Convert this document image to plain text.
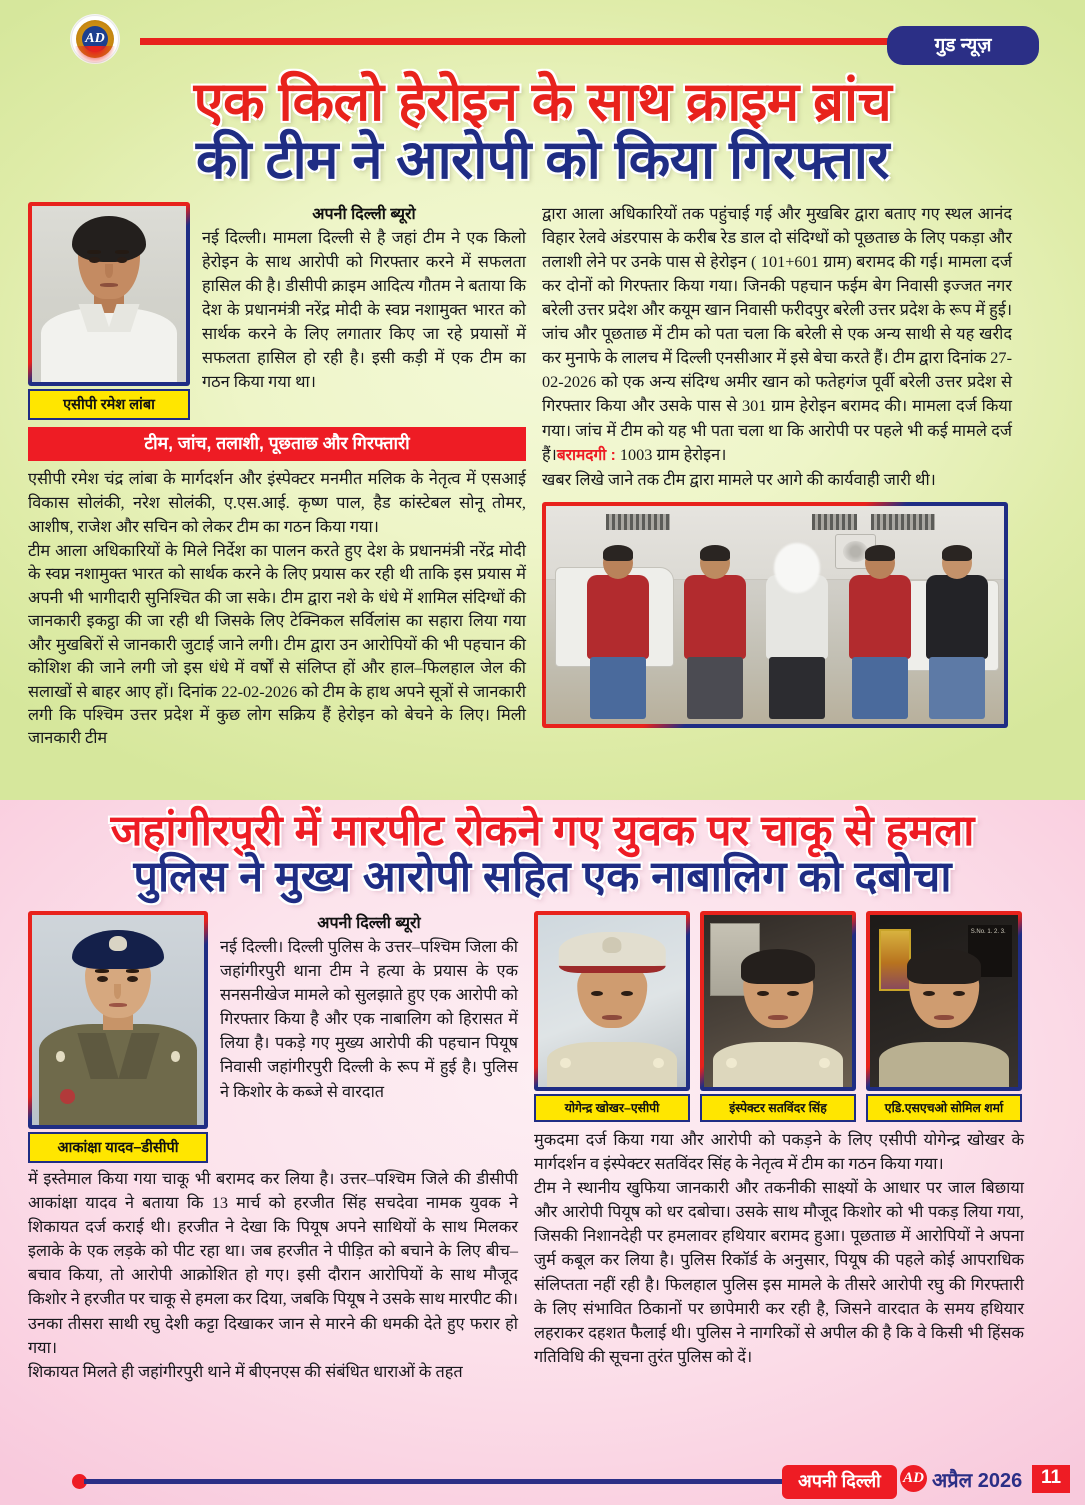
AD	गुड न्यूज़
एक किलो हेरोइन के साथ क्राइम ब्रांच
की टीम ने आरोपी को किया गिरफ्तार
एसीपी रमेश लांबा
अपनी दिल्ली ब्यूरो
नई दिल्ली। मामला दिल्ली से है जहां टीम ने एक किलो हेरोइन के साथ आरोपी को गिरफ्तार करने में सफलता हासिल की है। डीसीपी क्राइम आदित्य गौतम ने बताया कि देश के प्रधानमंत्री नरेंद्र मोदी के स्वप्न नशामुक्त भारत को सार्थक करने के लिए लगातार किए जा रहे प्रयासों में सफलता हासिल हो रही है। इसी कड़ी में एक टीम का गठन किया गया था।
टीम, जांच, तलाशी, पूछताछ और गिरफ्तारी
एसीपी रमेश चंद्र लांबा के मार्गदर्शन और इंस्पेक्टर मनमीत मलिक के नेतृत्व में एसआई विकास सोलंकी, नरेश सोलंकी, ए.एस.आई. कृष्ण पाल, हैड कांस्टेबल सोनू तोमर, आशीष, राजेश और सचिन को लेकर टीम का गठन किया गया।
टीम आला अधिकारियों के मिले निर्देश का पालन करते हुए देश के प्रधानमंत्री नरेंद्र मोदी के स्वप्न नशामुक्त भारत को सार्थक करने के लिए प्रयास कर रही थी ताकि इस प्रयास में अपनी भी भागीदारी सुनिश्चित की जा सके। टीम द्वारा नशे के धंधे में शामिल संदिग्धों की जानकारी इकट्ठा की जा रही थी जिसके लिए टेक्निकल सर्विलांस का सहारा लिया गया और मुखबिरों से जानकारी जुटाई जाने लगी। टीम द्वारा उन आरोपियों की भी पहचान की कोशिश की जाने लगी जो इस धंधे में वर्षों से संलिप्त हों और हाल–फिलहाल जेल की सलाखों से बाहर आए हों। दिनांक 22-02-2026 को टीम के हाथ अपने सूत्रों से जानकारी लगी कि पश्चिम उत्तर प्रदेश में कुछ लोग सक्रिय हैं हेरोइन को बेचने के लिए। मिली जानकारी टीम
द्वारा आला अधिकारियों तक पहुंचाई गई और मुखबिर द्वारा बताए गए स्थल आनंद विहार रेलवे अंडरपास के करीब रेड डाल दो संदिग्धों को पूछताछ के लिए पकड़ा और तलाशी लेने पर उनके पास से हेरोइन ( 101+601 ग्राम) बरामद की गई। मामला दर्ज कर दोनों को गिरफ्तार किया गया। जिनकी पहचान फईम बेग निवासी इज्जत नगर बरेली उत्तर प्रदेश और कयूम खान निवासी फरीदपुर बरेली उत्तर प्रदेश के रूप में हुई। जांच और पूछताछ में टीम को पता चला कि बरेली से एक अन्य साथी से यह खरीद कर मुनाफे के लालच में दिल्ली एनसीआर में इसे बेचा करते हैं। टीम द्वारा दिनांक 27-02-2026 को एक अन्य संदिग्ध अमीर खान को फतेहगंज पूर्वी बरेली उत्तर प्रदेश से गिरफ्तार किया और उसके पास से 301 ग्राम हेरोइन बरामद की। मामला दर्ज किया गया। जांच में टीम को यह भी पता चला था कि आरोपी पर पहले भी कई मामले दर्ज हैं।बरामदगी : 1003 ग्राम हेरोइन।
खबर लिखे जाने तक टीम द्वारा मामले पर आगे की कार्यवाही जारी थी।
जहांगीरपुरी में मारपीट रोकने गए युवक पर चाकू से हमला
पुलिस ने मुख्य आरोपी सहित एक नाबालिग को दबोचा
आकांक्षा यादव–डीसीपी
अपनी दिल्ली ब्यूरो
नई दिल्ली। दिल्ली पुलिस के उत्तर–पश्चिम जिला की जहांगीरपुरी थाना टीम ने हत्या के प्रयास के एक सनसनीखेज मामले को सुलझाते हुए एक आरोपी को गिरफ्तार किया है और एक नाबालिग को हिरासत में लिया है। पकड़े गए मुख्य आरोपी की पहचान पियूष निवासी जहांगीरपुरी दिल्ली के रूप में हुई है। पुलिस ने किशोर के कब्जे से वारदात
में इस्तेमाल किया गया चाकू भी बरामद कर लिया है। उत्तर–पश्चिम जिले की डीसीपी आकांक्षा यादव ने बताया कि 13 मार्च को हरजीत सिंह सचदेवा नामक युवक ने शिकायत दर्ज कराई थी। हरजीत ने देखा कि पियूष अपने साथियों के साथ मिलकर इलाके के एक लड़के को पीट रहा था। जब हरजीत ने पीड़ित को बचाने के लिए बीच–बचाव किया, तो आरोपी आक्रोशित हो गए। इसी दौरान आरोपियों के साथ मौजूद किशोर ने हरजीत पर चाकू से हमला कर दिया, जबकि पियूष ने उसके साथ मारपीट की। उनका तीसरा साथी रघु देशी कट्टा दिखाकर जान से मारने की धमकी देते हुए फरार हो गया।
शिकायत मिलते ही जहांगीरपुरी थाने में बीएनएस की संबंधित धाराओं के तहत
योगेन्द्र खोखर–एसीपी	इंस्पेक्टर सतविंदर सिंह
S.No. 1. 2. 3.
एडि.एसएचओ सोमिल शर्मा
मुकदमा दर्ज किया गया और आरोपी को पकड़ने के लिए एसीपी योगेन्द्र खोखर के मार्गदर्शन व इंस्पेक्टर सतविंदर सिंह के नेतृत्व में टीम का गठन किया गया।
टीम ने स्थानीय खुफिया जानकारी और तकनीकी साक्ष्यों के आधार पर जाल बिछाया और आरोपी पियूष को धर दबोचा। उसके साथ मौजूद किशोर को भी पकड़ लिया गया, जिसकी निशानदेही पर हमलावर हथियार बरामद हुआ। पूछताछ में आरोपियों ने अपना जुर्म कबूल कर लिया है। पुलिस रिकॉर्ड के अनुसार, पियूष की पहले कोई आपराधिक संलिप्तता नहीं रही है। फिलहाल पुलिस इस मामले के तीसरे आरोपी रघु की गिरफ्तारी के लिए संभावित ठिकानों पर छापेमारी कर रही है, जिसने वारदात के समय हथियार लहराकर दहशत फैलाई थी। पुलिस ने नागरिकों से अपील की है कि वे किसी भी हिंसक गतिविधि की सूचना तुरंत पुलिस को दें।
अपनी दिल्ली	AD अप्रैल 2026 11
